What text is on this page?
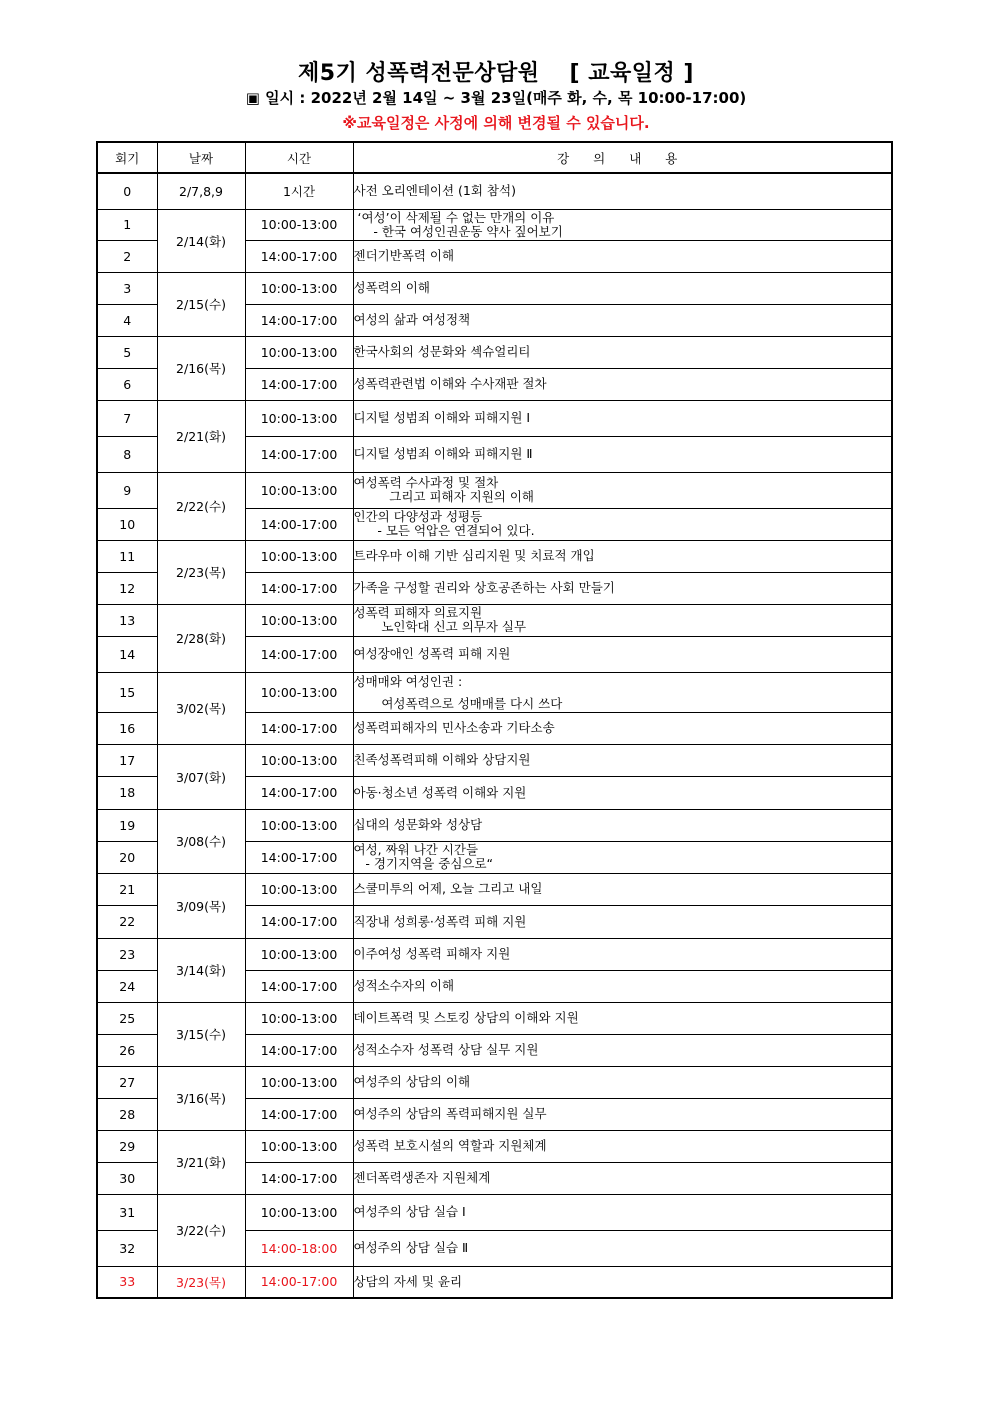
제5기 성폭력전문상담원 [ 교육일정 ]
▣ 일시 : 2022년 2월 14일 ~ 3월 23일(매주 화, 수, 목 10:00-17:00)
※교육일정은 사정에 의해 변경될 수 있습니다.
회기	날짜	시간	강 의 내 용
0	2/7,8,9	1시간	사전 오리엔테이션 (1회 참석)
1	2/14(화)	10:00-13:00	‘여성’이 삭제될 수 없는 만개의 이유
- 한국 여성인권운동 약사 짚어보기
2		14:00-17:00	젠더기반폭력 이해
3	2/15(수)	10:00-13:00	성폭력의 이해
4		14:00-17:00	여성의 삶과 여성정책
5	2/16(목)	10:00-13:00	한국사회의 성문화와 섹슈얼리티
6		14:00-17:00	성폭력관련법 이해와 수사재판 절차
7	2/21(화)	10:00-13:00	디지털 성범죄 이해와 피해지원 Ⅰ
8		14:00-17:00	디지털 성범죄 이해와 피해지원 Ⅱ
9	2/22(수)	10:00-13:00	여성폭력 수사과정 및 절차
그리고 피해자 지원의 이해
10		14:00-17:00	인간의 다양성과 성평등
- 모든 억압은 연결되어 있다.
11	2/23(목)	10:00-13:00	트라우마 이해 기반 심리지원 및 치료적 개입
12		14:00-17:00	가족을 구성할 권리와 상호공존하는 사회 만들기
13	2/28(화)	10:00-13:00	성폭력 피해자 의료지원
노인학대 신고 의무자 실무
14		14:00-17:00	여성장애인 성폭력 피해 지원
15	3/02(목)	10:00-13:00	성매매와 여성인권 :

여성폭력으로 성매매를 다시 쓰다
16		14:00-17:00	성폭력피해자의 민사소송과 기타소송
17	3/07(화)	10:00-13:00	친족성폭력피해 이해와 상담지원
18		14:00-17:00	아동·청소년 성폭력 이해와 지원
19	3/08(수)	10:00-13:00	십대의 성문화와 성상담
20		14:00-17:00	여성, 짜워 나간 시간들
- 경기지역을 중심으로“
21	3/09(목)	10:00-13:00	스쿨미투의 어제, 오늘 그리고 내일
22		14:00-17:00	직장내 성희롱·성폭력 피해 지원
23	3/14(화)	10:00-13:00	이주여성 성폭력 피해자 지원
24		14:00-17:00	성적소수자의 이해
25	3/15(수)	10:00-13:00	데이트폭력 및 스토킹 상담의 이해와 지원
26		14:00-17:00	성적소수자 성폭력 상담 실무 지원
27	3/16(목)	10:00-13:00	여성주의 상담의 이해
28		14:00-17:00	여성주의 상담의 폭력피해지원 실무
29	3/21(화)	10:00-13:00	성폭력 보호시설의 역할과 지원체계
30		14:00-17:00	젠더폭력생존자 지원체계
31	3/22(수)	10:00-13:00	여성주의 상담 실습 Ⅰ
32		14:00-18:00	여성주의 상담 실습 Ⅱ
33	3/23(목)	14:00-17:00	상담의 자세 및 윤리
